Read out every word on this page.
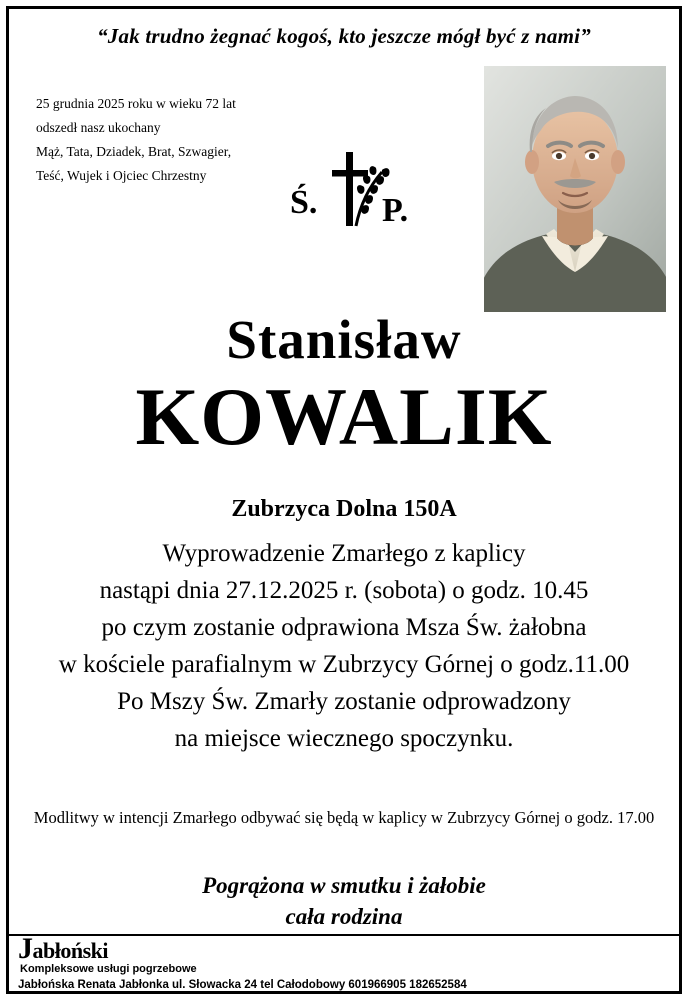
“Jak trudno żegnać kogoś, kto jeszcze mógł być z nami”
25 grudnia 2025 roku w wieku 72 lat
odszedł nasz ukochany
Mąż, Tata, Dziadek, Brat, Szwagier,
Teść, Wujek i Ojciec Chrzestny
Ś. P.
Stanisław
KOWALIK
Zubrzyca Dolna 150A
Wyprowadzenie Zmarłego z kaplicy
nastąpi dnia 27.12.2025 r. (sobota) o godz. 10.45
po czym zostanie odprawiona Msza Św. żałobna
w kościele parafialnym w Zubrzycy Górnej o godz.11.00
Po Mszy Św. Zmarły zostanie odprowadzony
na miejsce wiecznego spoczynku.
Modlitwy w intencji Zmarłego odbywać się będą w kaplicy w Zubrzycy Górnej o godz. 17.00
Pogrążona w smutku i żałobie
cała rodzina
Jabłoński
Kompleksowe usługi pogrzebowe
Jabłońska Renata Jabłonka ul. Słowacka 24 tel Całodobowy 601966905 182652584
